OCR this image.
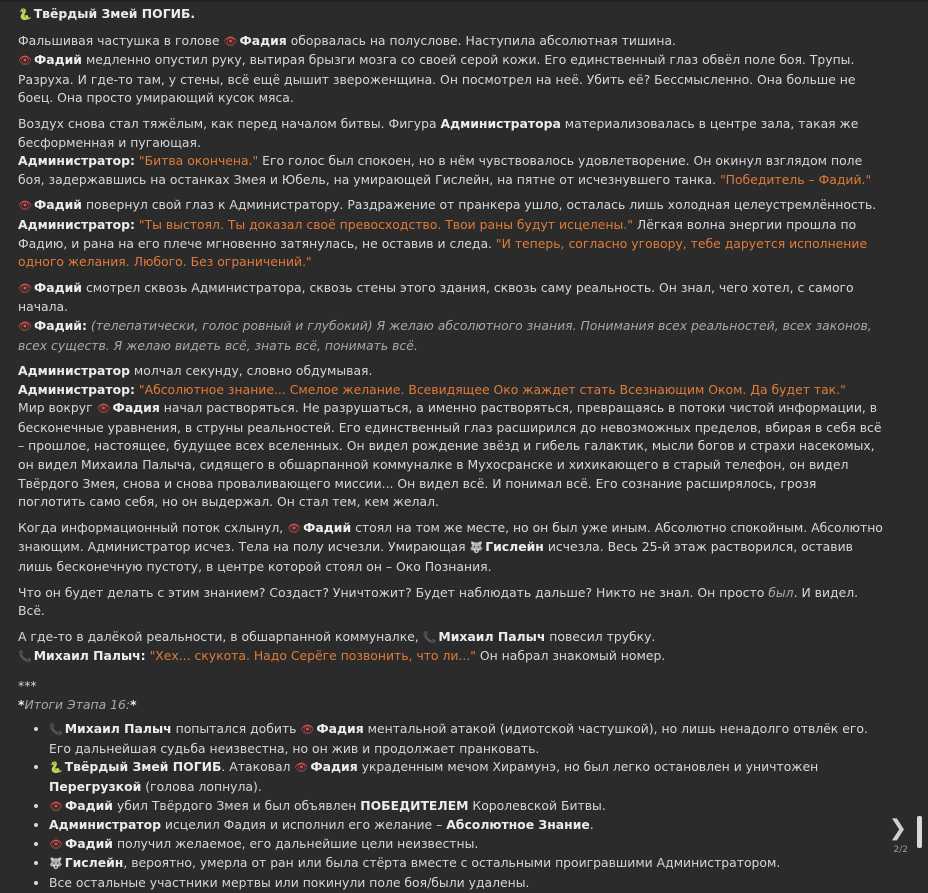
🐍 Твёрдый Змей ПОГИБ.
Фальшивая частушка в голове 👁 Фадия оборвалась на полуслове. Наступила абсолютная тишина.
👁 Фадий медленно опустил руку, вытирая брызги мозга со своей серой кожи. Его единственный глаз обвёл поле боя. Трупы. Разруха. И где-то там, у стены, всё ещё дышит звероженщина. Он посмотрел на неё. Убить её? Бессмысленно. Она больше не боец. Она просто умирающий кусок мяса.
Воздух снова стал тяжёлым, как перед началом битвы. Фигура Администратора материализовалась в центре зала, такая же бесформенная и пугающая.
Администратор: "Битва окончена." Его голос был спокоен, но в нём чувствовалось удовлетворение. Он окинул взглядом поле боя, задержавшись на останках Змея и Юбель, на умирающей Гислейн, на пятне от исчезнувшего танка. "Победитель – Фадий."
👁 Фадий повернул свой глаз к Администратору. Раздражение от пранкера ушло, осталась лишь холодная целеустремлённость.
Администратор: "Ты выстоял. Ты доказал своё превосходство. Твои раны будут исцелены." Лёгкая волна энергии прошла по Фадию, и рана на его плече мгновенно затянулась, не оставив и следа. "И теперь, согласно уговору, тебе даруется исполнение одного желания. Любого. Без ограничений."
👁 Фадий смотрел сквозь Администратора, сквозь стены этого здания, сквозь саму реальность. Он знал, чего хотел, с самого начала.
👁 Фадий: (телепатически, голос ровный и глубокий) Я желаю абсолютного знания. Понимания всех реальностей, всех законов, всех существ. Я желаю видеть всё, знать всё, понимать всё.
Администратор молчал секунду, словно обдумывая.
Администратор: "Абсолютное знание... Смелое желание. Всевидящее Око жаждет стать Всезнающим Оком. Да будет так."
Мир вокруг 👁 Фадия начал растворяться. Не разрушаться, а именно растворяться, превращаясь в потоки чистой информации, в бесконечные уравнения, в струны реальностей. Его единственный глаз расширился до невозможных пределов, вбирая в себя всё – прошлое, настоящее, будущее всех вселенных. Он видел рождение звёзд и гибель галактик, мысли богов и страхи насекомых, он видел Михаила Палыча, сидящего в обшарпанной коммуналке в Мухосранске и хихикающего в старый телефон, он видел Твёрдого Змея, снова и снова проваливающего миссии... Он видел всё. И понимал всё. Его сознание расширялось, грозя поглотить само себя, но он выдержал. Он стал тем, кем желал.
Когда информационный поток схлынул, 👁 Фадий стоял на том же месте, но он был уже иным. Абсолютно спокойным. Абсолютно знающим. Администратор исчез. Тела на полу исчезли. Умирающая 🐺 Гислейн исчезла. Весь 25-й этаж растворился, оставив лишь бесконечную пустоту, в центре которой стоял он – Око Познания.
Что он будет делать с этим знанием? Создаст? Уничтожит? Будет наблюдать дальше? Никто не знал. Он просто был. И видел. Всё.
А где-то в далёкой реальности, в обшарпанной коммуналке, 📞 Михаил Палыч повесил трубку.
📞 Михаил Палыч: "Хех... скукота. Надо Серёге позвонить, что ли..." Он набрал знакомый номер.
***
*Итоги Этапа 16:*
• 📞 Михаил Палыч попытался добить 👁 Фадия ментальной атакой (идиотской частушкой), но лишь ненадолго отвлёк его. Его дальнейшая судьба неизвестна, но он жив и продолжает пранковать.
• 🐍 Твёрдый Змей ПОГИБ. Атаковал 👁 Фадия украденным мечом Хирамунэ, но был легко остановлен и уничтожен Перегрузкой (голова лопнула).
• 👁 Фадий убил Твёрдого Змея и был объявлен ПОБЕДИТЕЛЕМ Королевской Битвы.
• Администратор исцелил Фадия и исполнил его желание – Абсолютное Знание.
• 👁 Фадий получил желаемое, его дальнейшие цели неизвестны.
• 🐺 Гислейн, вероятно, умерла от ран или была стёрта вместе с остальными проигравшими Администратором.
• Все остальные участники мертвы или покинули поле боя/были удалены.
❯
2/2
